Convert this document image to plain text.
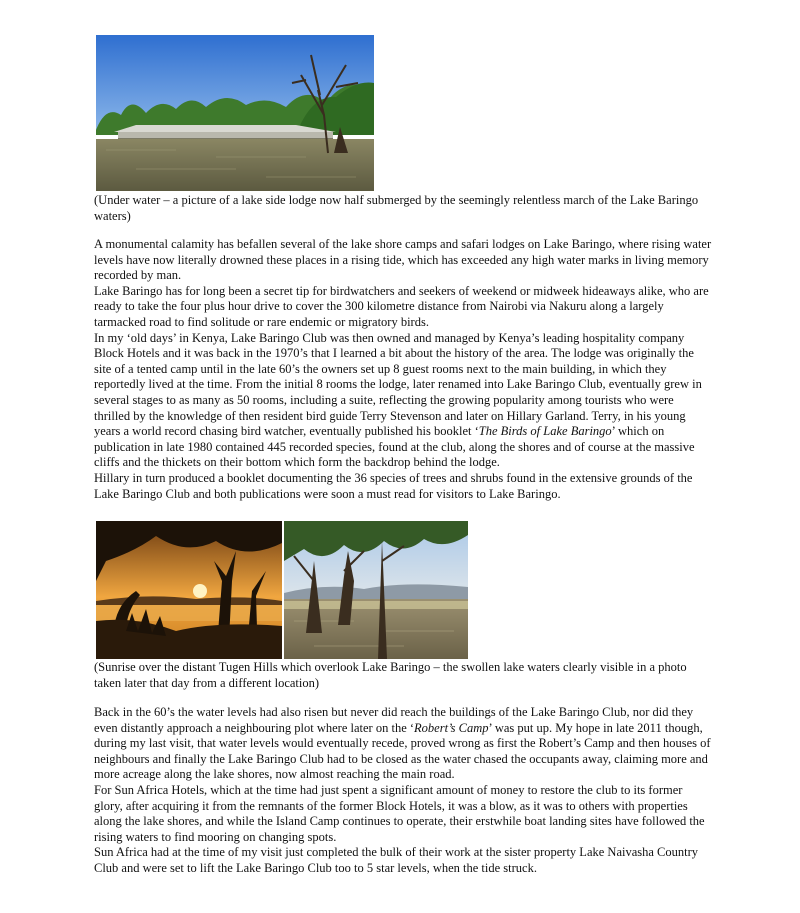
(Under water – a picture of a lake side lodge now half submerged by the seemingly relentless march of the Lake Baringo waters)

A monumental calamity has befallen several of the lake shore camps and safari lodges on Lake Baringo, where rising water levels have now literally drowned these places in a rising tide, which has exceeded any high water marks in living memory recorded by man.

Lake Baringo has for long been a secret tip for birdwatchers and seekers of weekend or midweek hideaways alike, who are ready to take the four plus hour drive to cover the 300 kilometre distance from Nairobi via Nakuru along a largely tarmacked road to find solitude or rare endemic or migratory birds.

In my ‘old days’ in Kenya, Lake Baringo Club was then owned and managed by Kenya’s leading hospitality company Block Hotels and it was back in the 1970’s that I learned a bit about the history of the area. The lodge was originally the site of a tented camp until in the late 60’s the owners set up 8 guest rooms next to the main building, in which they reportedly lived at the time. From the initial 8 rooms the lodge, later renamed into Lake Baringo Club, eventually grew in several stages to as many as 50 rooms, including a suite, reflecting the growing popularity among tourists who were thrilled by the knowledge of then resident bird guide Terry Stevenson and later on Hillary Garland. Terry, in his young years a world record chasing bird watcher, eventually published his booklet ‘The Birds of Lake Baringo’ which on publication in late 1980 contained 445 recorded species, found at the club, along the shores and of course at the massive cliffs and the thickets on their bottom which form the backdrop behind the lodge.

Hillary in turn produced a booklet documenting the 36 species of trees and shrubs found in the extensive grounds of the Lake Baringo Club and both publications were soon a must read for visitors to Lake Baringo.

(Sunrise over the distant Tugen Hills which overlook Lake Baringo – the swollen lake waters clearly visible in a photo taken later that day from a different location)

Back in the 60’s the water levels had also risen but never did reach the buildings of the Lake Baringo Club, nor did they even distantly approach a neighbouring plot where later on the ‘Robert’s Camp’ was put up. My hope in late 2011 though, during my last visit, that water levels would eventually recede, proved wrong as first the Robert’s Camp and then houses of neighbours and finally the Lake Baringo Club had to be closed as the water chased the occupants away, claiming more and more acreage along the lake shores, now almost reaching the main road.

For Sun Africa Hotels, which at the time had just spent a significant amount of money to restore the club to its former glory, after acquiring it from the remnants of the former Block Hotels, it was a blow, as it was to others with properties along the lake shores, and while the Island Camp continues to operate, their erstwhile boat landing sites have followed the rising waters to find mooring on changing spots.

Sun Africa had at the time of my visit just completed the bulk of their work at the sister property Lake Naivasha Country Club and were set to lift the Lake Baringo Club too to 5 star levels, when the tide struck.
